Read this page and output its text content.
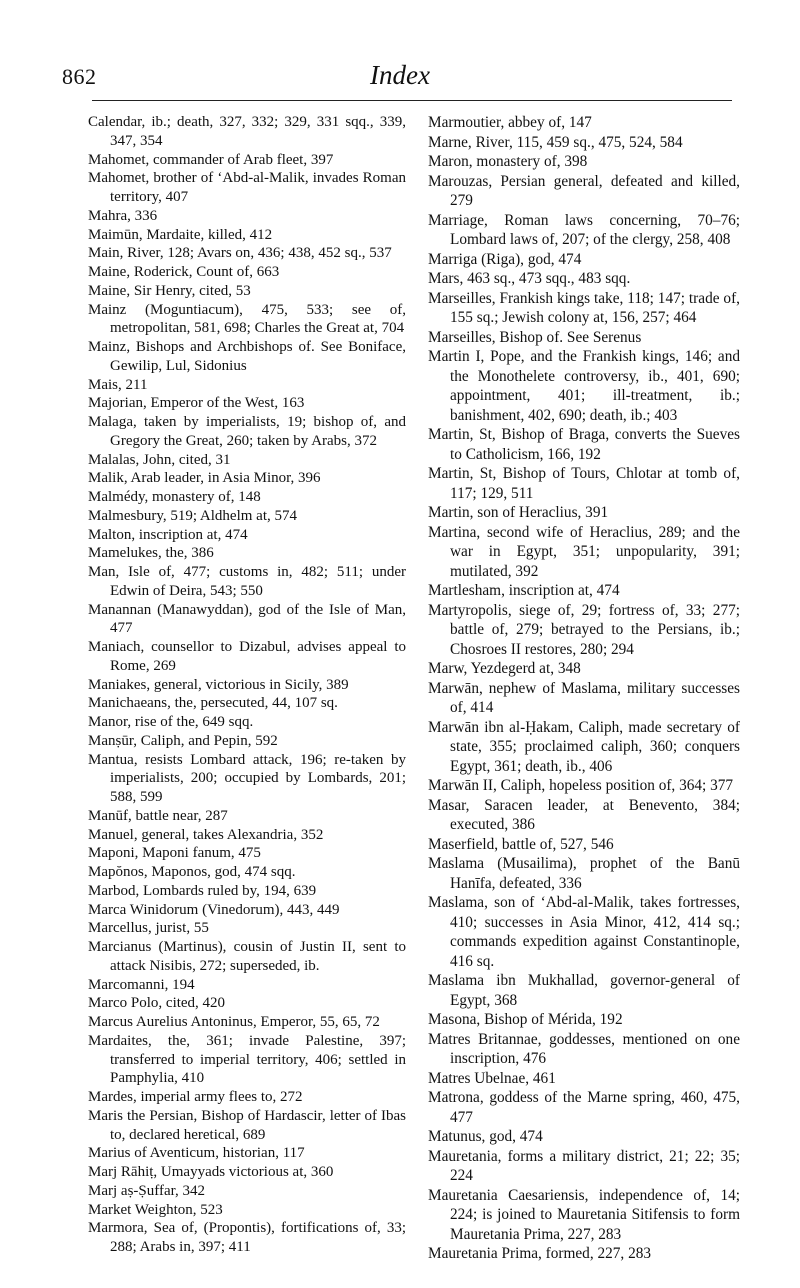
862	Index

Calendar, ib.; death, 327, 332; 329, 331 sqq., 339, 347, 354

Mahomet, commander of Arab fleet, 397

Mahomet, brother of ‘Abd-al-Malik, invades Roman territory, 407

Mahra, 336

Maimūn, Mardaite, killed, 412

Main, River, 128; Avars on, 436; 438, 452 sq., 537

Maine, Roderick, Count of, 663

Maine, Sir Henry, cited, 53

Mainz (Moguntiacum), 475, 533; see of, metropolitan, 581, 698; Charles the Great at, 704

Mainz, Bishops and Archbishops of. See Boniface, Gewilip, Lul, Sidonius

Mais, 211

Majorian, Emperor of the West, 163

Malaga, taken by imperialists, 19; bishop of, and Gregory the Great, 260; taken by Arabs, 372

Malalas, John, cited, 31

Malik, Arab leader, in Asia Minor, 396

Malmédy, monastery of, 148

Malmesbury, 519; Aldhelm at, 574

Malton, inscription at, 474

Mamelukes, the, 386

Man, Isle of, 477; customs in, 482; 511; under Edwin of Deira, 543; 550

Manannan (Manawyddan), god of the Isle of Man, 477

Maniach, counsellor to Dizabul, advises appeal to Rome, 269

Maniakes, general, victorious in Sicily, 389

Manichaeans, the, persecuted, 44, 107 sq.

Manor, rise of the, 649 sqq.

Manṣūr, Caliph, and Pepin, 592

Mantua, resists Lombard attack, 196; re-taken by imperialists, 200; occupied by Lombards, 201; 588, 599

Manūf, battle near, 287

Manuel, general, takes Alexandria, 352

Maponi, Maponi fanum, 475

Mapŏnos, Maponos, god, 474 sqq.

Marbod, Lombards ruled by, 194, 639

Marca Winidorum (Vinedorum), 443, 449

Marcellus, jurist, 55

Marcianus (Martinus), cousin of Justin II, sent to attack Nisibis, 272; superseded, ib.

Marcomanni, 194

Marco Polo, cited, 420

Marcus Aurelius Antoninus, Emperor, 55, 65, 72

Mardaites, the, 361; invade Palestine, 397; transferred to imperial territory, 406; settled in Pamphylia, 410

Mardes, imperial army flees to, 272

Maris the Persian, Bishop of Hardascir, letter of Ibas to, declared heretical, 689

Marius of Aventicum, historian, 117

Marj Rāhiṭ, Umayyads victorious at, 360

Marj aṣ-Ṣuffar, 342

Market Weighton, 523

Marmora, Sea of, (Propontis), fortifications of, 33; 288; Arabs in, 397; 411

Marmoutier, abbey of, 147

Marne, River, 115, 459 sq., 475, 524, 584

Maron, monastery of, 398

Marouzas, Persian general, defeated and killed, 279

Marriage, Roman laws concerning, 70–76; Lombard laws of, 207; of the clergy, 258, 408

Marriga (Riga), god, 474

Mars, 463 sq., 473 sqq., 483 sqq.

Marseilles, Frankish kings take, 118; 147; trade of, 155 sq.; Jewish colony at, 156, 257; 464

Marseilles, Bishop of. See Serenus

Martin I, Pope, and the Frankish kings, 146; and the Monothelete controversy, ib., 401, 690; appointment, 401; ill-treatment, ib.; banishment, 402, 690; death, ib.; 403

Martin, St, Bishop of Braga, converts the Sueves to Catholicism, 166, 192

Martin, St, Bishop of Tours, Chlotar at tomb of, 117; 129, 511

Martin, son of Heraclius, 391

Martina, second wife of Heraclius, 289; and the war in Egypt, 351; unpopularity, 391; mutilated, 392

Martlesham, inscription at, 474

Martyropolis, siege of, 29; fortress of, 33; 277; battle of, 279; betrayed to the Persians, ib.; Chosroes II restores, 280; 294

Marw, Yezdegerd at, 348

Marwān, nephew of Maslama, military successes of, 414

Marwān ibn al-Ḥakam, Caliph, made secretary of state, 355; proclaimed caliph, 360; conquers Egypt, 361; death, ib., 406

Marwān II, Caliph, hopeless position of, 364; 377

Masar, Saracen leader, at Benevento, 384; executed, 386

Maserfield, battle of, 527, 546

Maslama (Musailima), prophet of the Banū Hanīfa, defeated, 336

Maslama, son of ‘Abd-al-Malik, takes fortresses, 410; successes in Asia Minor, 412, 414 sq.; commands expedition against Constantinople, 416 sq.

Maslama ibn Mukhallad, governor-general of Egypt, 368

Masona, Bishop of Mérida, 192

Matres Britannae, goddesses, mentioned on one inscription, 476

Matres Ubelnae, 461

Matrona, goddess of the Marne spring, 460, 475, 477

Matunus, god, 474

Mauretania, forms a military district, 21; 22; 35; 224

Mauretania Caesariensis, independence of, 14; 224; is joined to Mauretania Sitifensis to form Mauretania Prima, 227, 283

Mauretania Prima, formed, 227, 283
